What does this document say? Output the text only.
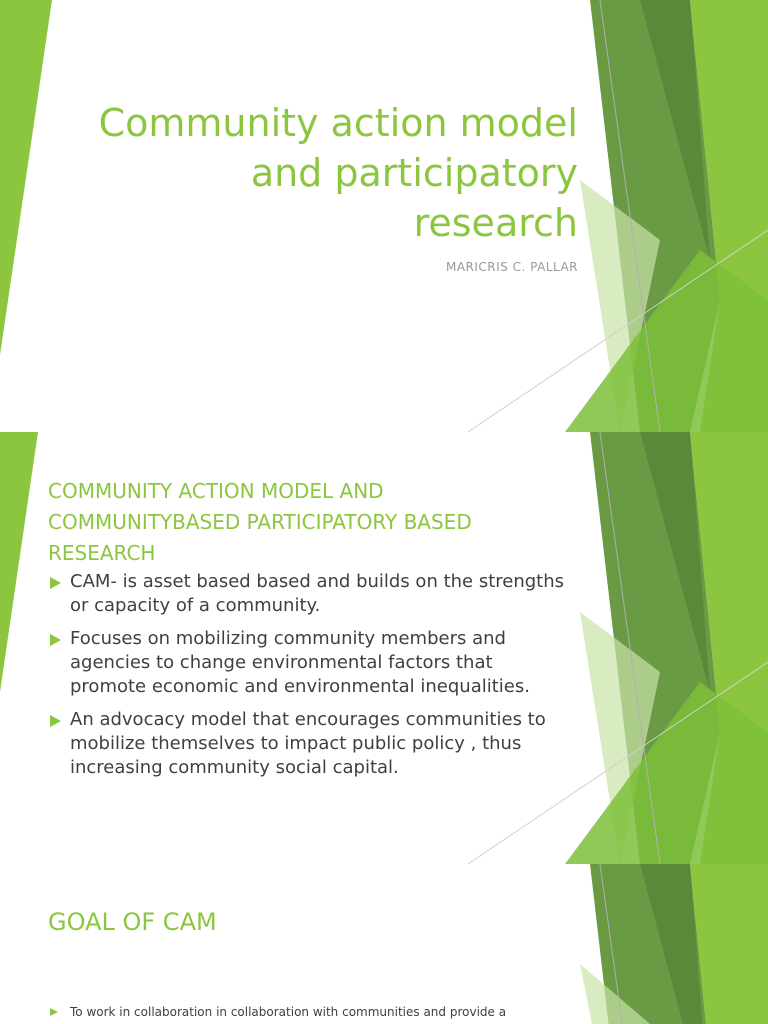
Community action model and participatory research
MARICRIS C. PALLAR
COMMUNITY ACTION MODEL AND COMMUNITYBASED PARTICIPATORY BASED RESEARCH
CAM- is asset based based and builds on the strengths or capacity of a community.
Focuses on mobilizing community members and agencies to change environmental factors that promote economic and environmental inequalities.
An advocacy model that encourages communities to mobilize themselves to impact public policy , thus increasing community social capital.
GOAL OF CAM
To work in collaboration in collaboration with communities and provide a
